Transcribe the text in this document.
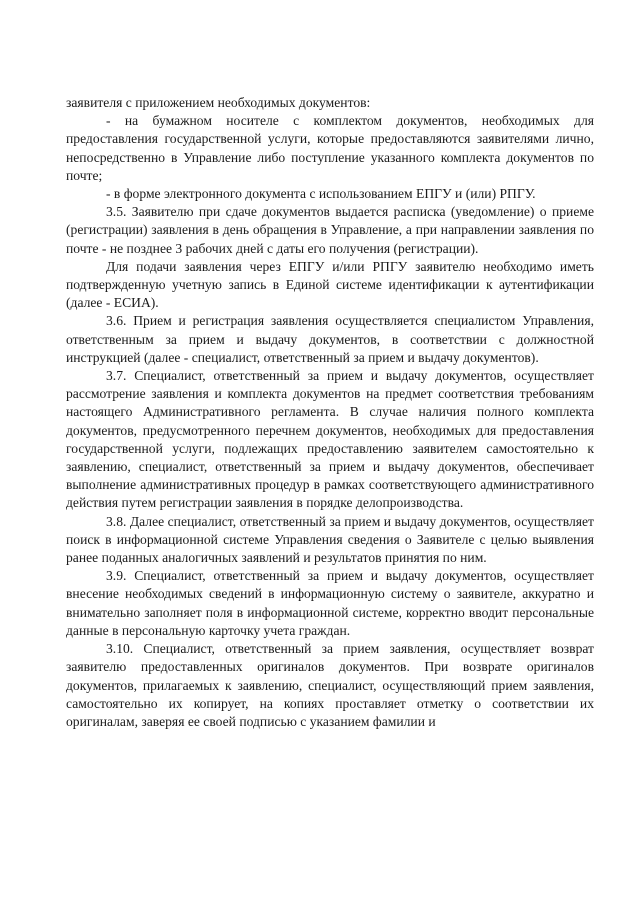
заявителя с приложением необходимых документов:

- на бумажном носителе с комплектом документов, необходимых для предоставления государственной услуги, которые предоставляются заявителями лично, непосредственно в Управление либо поступление указанного комплекта документов по почте;

- в форме электронного документа с использованием ЕПГУ и (или) РПГУ.

3.5. Заявителю при сдаче документов выдается расписка (уведомление) о приеме (регистрации) заявления в день обращения в Управление, а при направлении заявления по почте - не позднее 3 рабочих дней с даты его получения (регистрации).

Для подачи заявления через ЕПГУ и/или РПГУ заявителю необходимо иметь подтвержденную учетную запись в Единой системе идентификации к аутентификации (далее - ЕСИА).

3.6. Прием и регистрация заявления осуществляется специалистом Управления, ответственным за прием и выдачу документов, в соответствии с должностной инструкцией (далее - специалист, ответственный за прием и выдачу документов).

3.7. Специалист, ответственный за прием и выдачу документов, осуществляет рассмотрение заявления и комплекта документов на предмет соответствия требованиям настоящего Административного регламента. В случае наличия полного комплекта документов, предусмотренного перечнем документов, необходимых для предоставления государственной услуги, подлежащих предоставлению заявителем самостоятельно к заявлению, специалист, ответственный за прием и выдачу документов, обеспечивает выполнение административных процедур в рамках соответствующего административного действия путем регистрации заявления в порядке делопроизводства.

3.8. Далее специалист, ответственный за прием и выдачу документов, осуществляет поиск в информационной системе Управления сведения о Заявителе с целью выявления ранее поданных аналогичных заявлений и результатов принятия по ним.

3.9. Специалист, ответственный за прием и выдачу документов, осуществляет внесение необходимых сведений в информационную систему о заявителе, аккуратно и внимательно заполняет поля в информационной системе, корректно вводит персональные данные в персональную карточку учета граждан.

3.10. Специалист, ответственный за прием заявления, осуществляет возврат заявителю предоставленных оригиналов документов. При возврате оригиналов документов, прилагаемых к заявлению, специалист, осуществляющий прием заявления, самостоятельно их копирует, на копиях проставляет отметку о соответствии их оригиналам, заверяя ее своей подписью с указанием фамилии и
